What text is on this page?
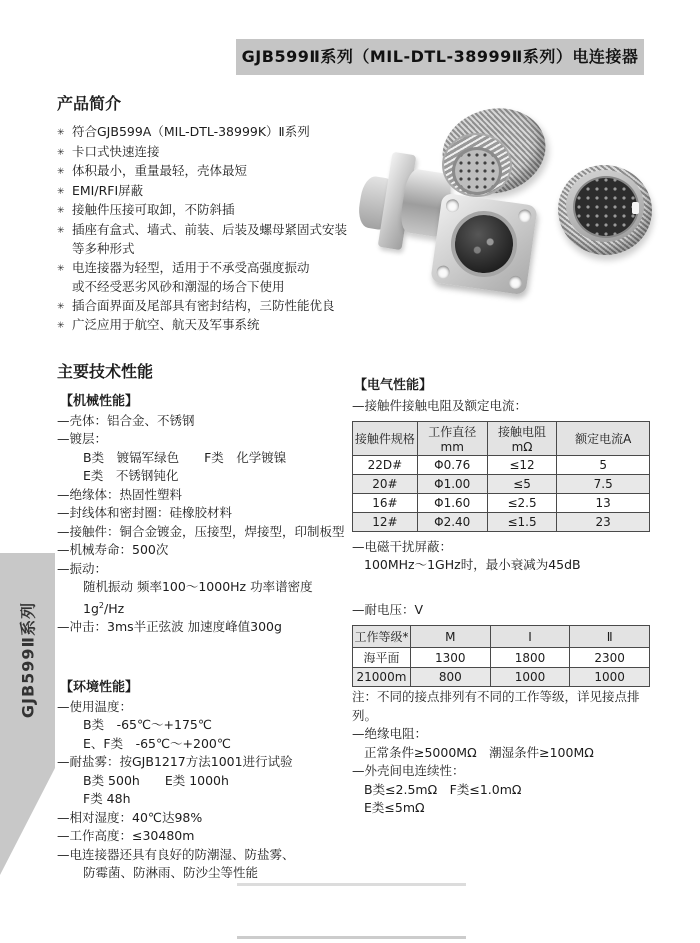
GJB599Ⅱ系列（MIL-DTL-38999Ⅱ系列）电连接器
产品简介
✳ 符合GJB599A（MIL-DTL-38999K）Ⅱ系列
✳ 卡口式快速连接
✳ 体积最小，重量最轻，壳体最短
✳ EMI/RFI屏蔽
✳ 接触件压接可取卸，不防斜插
✳ 插座有盒式、墙式、前装、后装及螺母紧固式安装
等多种形式
✳ 电连接器为轻型，适用于不承受高强度振动
或不经受恶劣风砂和潮湿的场合下使用
✳ 插合面界面及尾部具有密封结构，三防性能优良
✳ 广泛应用于航空、航天及军事系统
主要技术性能
【机械性能】
—壳体：铝合金、不锈钢
—镀层：
B类　镀镉军绿色　　F类　化学镀镍
E类　不锈钢钝化
—绝缘体：热固性塑料
—封线体和密封圈：硅橡胶材料
—接触件：铜合金镀金，压接型，焊接型，印制板型
—机械寿命：500次
—振动：
随机振动 频率100～1000Hz 功率谱密度$1g^2/Hz$
—冲击：3ms半正弦波 加速度峰值300g
【环境性能】
—使用温度：
B类　-65℃～+175℃
E、F类　-65℃～+200℃
—耐盐雾：按GJB1217方法1001进行试验
B类 500h　　E类 1000h
F类 48h
—相对湿度：40℃达98%
—工作高度：≤30480m
—电连接器还具有良好的防潮湿、防盐雾、
防霉菌、防淋雨、防沙尘等性能
【电气性能】
—接触件接触电阻及额定电流：
接触件规格	工作直径mm	接触电阻mΩ	额定电流A
22D#	Φ0.76	≤12	5
20#	Φ1.00	≤5	7.5
16#	Φ1.60	≤2.5	13
12#	Φ2.40	≤1.5	23
—电磁干扰屏蔽：
100MHz～1GHz时，最小衰减为45dB
—耐电压：V
工作等级*	M	Ⅰ	Ⅱ
海平面	1300	1800	2300
21000m	800	1000	1000
注：不同的接点排列有不同的工作等级，详见接点排列。
—绝缘电阻：
正常条件≥5000MΩ　潮湿条件≥100MΩ
—外壳间电连续性：
B类≤2.5mΩ　F类≤1.0mΩ
E类≤5mΩ
GJB599Ⅱ系列
